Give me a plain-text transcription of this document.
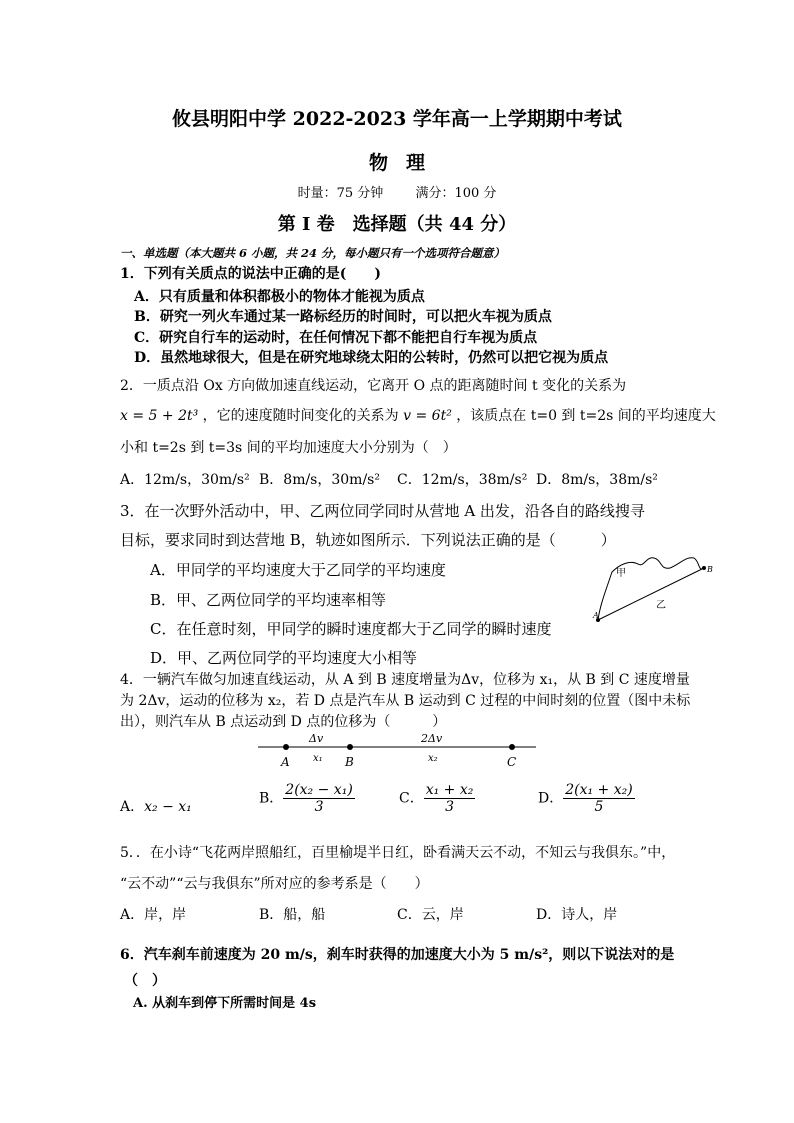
攸县明阳中学 2022-2023 学年高一上学期期中考试
物理
时量：75 分钟 满分：100 分
第 I 卷　选择题（共 44 分）
一、单选题（本大题共 6 小题，共 24 分，每小题只有一个选项符合题意）
1．下列有关质点的说法中正确的是(　　)
A．只有质量和体积都极小的物体才能视为质点
B．研究一列火车通过某一路标经历的时间时，可以把火车视为质点
C．研究自行车的运动时，在任何情况下都不能把自行车视为质点
D．虽然地球很大，但是在研究地球绕太阳的公转时，仍然可以把它视为质点
2．一质点沿 Ox 方向做加速直线运动，它离开 O 点的距离随时间 t 变化的关系为
x = 5 + 2t³ ，它的速度随时间变化的关系为 v = 6t² ，该质点在 t=0 到 t=2s 间的平均速度大
小和 t=2s 到 t=3s 间的平均加速度大小分别为（　）
A．12m/s，30m/s² B．8m/s，30m/s² C．12m/s，38m/s² D．8m/s，38m/s²
3．在一次野外活动中，甲、乙两位同学同时从营地 A 出发，沿各自的路线搜寻
目标，要求同时到达营地 B，轨迹如图所示．下列说法正确的是（　　　）
A．甲同学的平均速度大于乙同学的平均速度
B．甲、乙两位同学的平均速率相等
C．在任意时刻，甲同学的瞬时速度都大于乙同学的瞬时速度
D．甲、乙两位同学的平均速度大小相等
甲
乙
A
B
4．一辆汽车做匀加速直线运动，从 A 到 B 速度增量为Δv，位移为 x₁，从 B 到 C 速度增量
为 2Δv，运动的位移为 x₂，若 D 点是汽车从 B 运动到 C 过程的中间时刻的位置（图中未标
出），则汽车从 B 点运动到 D 点的位移为（　　　）
Δv	2Δv
x₁	x₂
A	B	C
A．x₂ − x₁
B． $\frac{\text{2(x₂ − x₁)}}{3}$	C． $\frac{\text{x₁ + x₂}}{3}$	D． $\frac{\text{2(x₁ + x₂)}}{5}$
5．．在小诗“飞花两岸照船红，百里榆堤半日红，卧看满天云不动，不知云与我俱东。”中，
“云不动”“云与我俱东”所对应的参考系是（　　）
A．岸，岸	B．船，船	C．云，岸	D．诗人，岸
6．汽车刹车前速度为 20 m/s，刹车时获得的加速度大小为 5 m/s²，则以下说法对的是
（　）
A. 从刹车到停下所需时间是 4s
